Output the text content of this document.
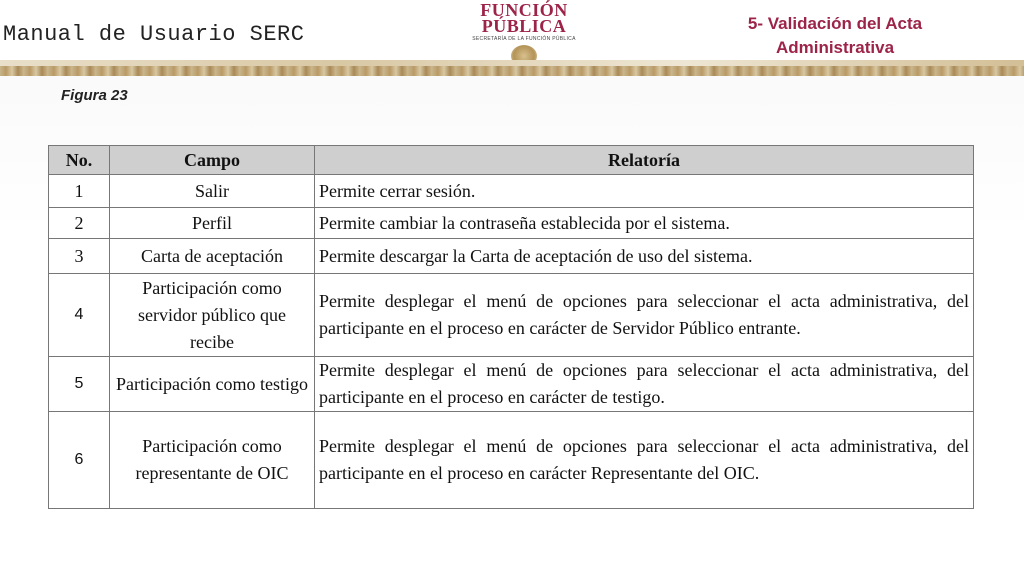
Manual de Usuario SERC
FUNCIÓN
PÚBLICA
SECRETARÍA DE LA FUNCIÓN PÚBLICA
5- Validación del Acta Administrativa
Figura 23
No.	Campo	Relatoría
1	Salir	Permite cerrar sesión.
2	Perfil	Permite cambiar la contraseña establecida por el sistema.
3	Carta de aceptación	Permite descargar la Carta de aceptación de uso del sistema.
4	Participación como servidor público que recibe	Permite desplegar el menú de opciones para seleccionar el acta administrativa, del participante en el proceso en carácter de Servidor Público entrante.
5	Participación como testigo	Permite desplegar el menú de opciones para seleccionar el acta administrativa, del participante en el proceso en carácter de testigo.
6	Participación como representante de OIC	Permite desplegar el menú de opciones para seleccionar el acta administrativa, del participante en el proceso en carácter Representante del OIC.
